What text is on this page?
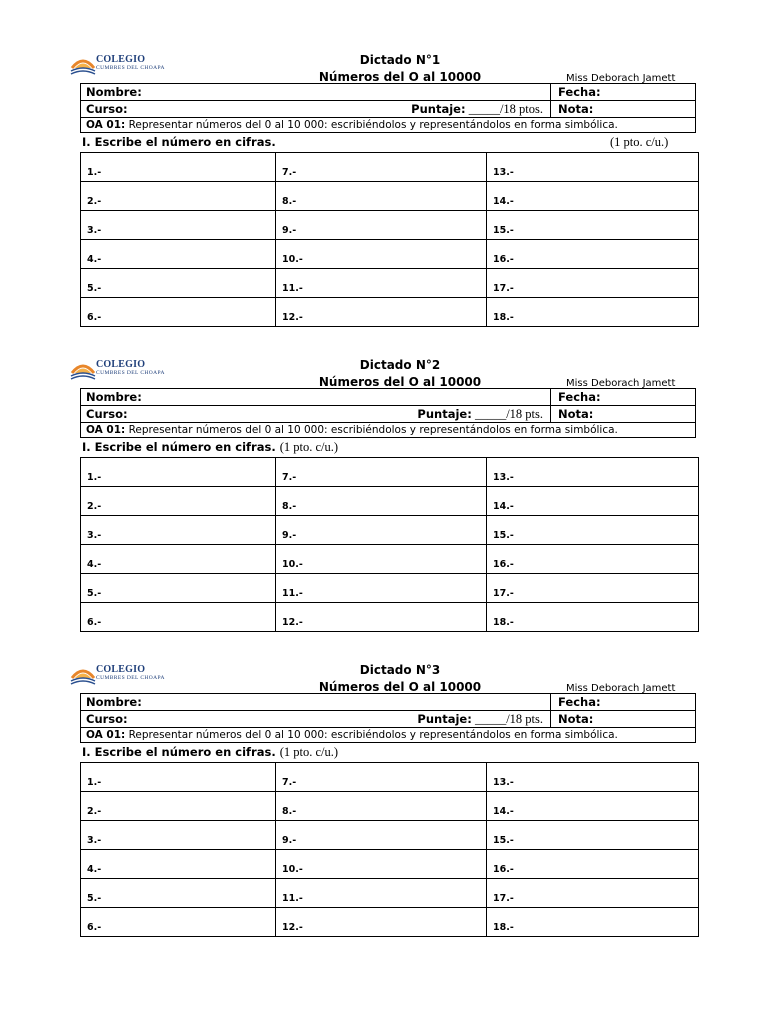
COLEGIO
CUMBRES DEL CHOAPA
Dictado N°1
Números del O al 10000	Miss Deborach Jamett
Nombre:	Fecha:
Curso:	Puntaje: _____/18 ptos. Nota:
OA 01: Representar números del 0 al 10 000: escribiéndolos y representándolos en forma simbólica.
I. Escribe el número en cifras.	(1 pto. c/u.)
1.-	7.-	13.-
2.-	8.-	14.-
3.-	9.-	15.-
4.-	10.-	16.-
5.-	11.-	17.-
6.-	12.-	18.-
COLEGIO
CUMBRES DEL CHOAPA
Dictado N°2
Números del O al 10000	Miss Deborach Jamett
Nombre:	Fecha:
Curso:	Puntaje: _____/18 pts. Nota:
OA 01: Representar números del 0 al 10 000: escribiéndolos y representándolos en forma simbólica.
I. Escribe el número en cifras. (1 pto. c/u.)
1.-	7.-	13.-
2.-	8.-	14.-
3.-	9.-	15.-
4.-	10.-	16.-
5.-	11.-	17.-
6.-	12.-	18.-
COLEGIO
CUMBRES DEL CHOAPA
Dictado N°3
Números del O al 10000	Miss Deborach Jamett
Nombre:	Fecha:
Curso:	Puntaje: _____/18 pts. Nota:
OA 01: Representar números del 0 al 10 000: escribiéndolos y representándolos en forma simbólica.
I. Escribe el número en cifras. (1 pto. c/u.)
1.-	7.-	13.-
2.-	8.-	14.-
3.-	9.-	15.-
4.-	10.-	16.-
5.-	11.-	17.-
6.-	12.-	18.-
